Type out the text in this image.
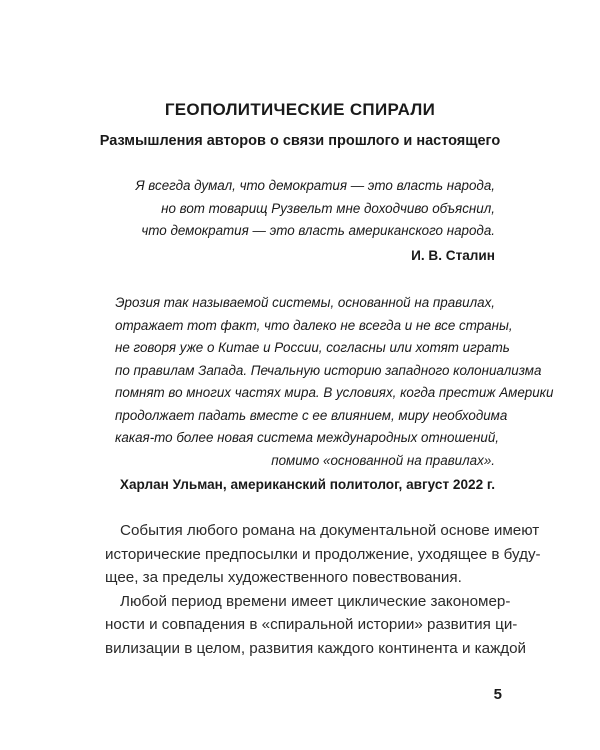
ГЕОПОЛИТИЧЕСКИЕ СПИРАЛИ
Размышления авторов о связи прошлого и настоящего
Я всегда думал, что демократия — это власть народа,
но вот товарищ Рузвельт мне доходчиво объяснил,
что демократия — это власть американского народа.
И. В. Сталин
Эрозия так называемой системы, основанной на правилах,
отражает тот факт, что далеко не всегда и не все страны,
не говоря уже о Китае и России, согласны или хотят играть
по правилам Запада. Печальную историю западного колониализма
помнят во многих частях мира. В условиях, когда престиж Америки
продолжает падать вместе с ее влиянием, миру необходима
какая-то более новая система международных отношений,
помимо «основанной на правилах».
Харлан Ульман, американский политолог, август 2022 г.
События любого романа на документальной основе имеют
исторические предпосылки и продолжение, уходящее в буду-
щее, за пределы художественного повествования.
Любой период времени имеет циклические закономер-
ности и совпадения в «спиральной истории» развития ци-
вилизации в целом, развития каждого континента и каждой

5
